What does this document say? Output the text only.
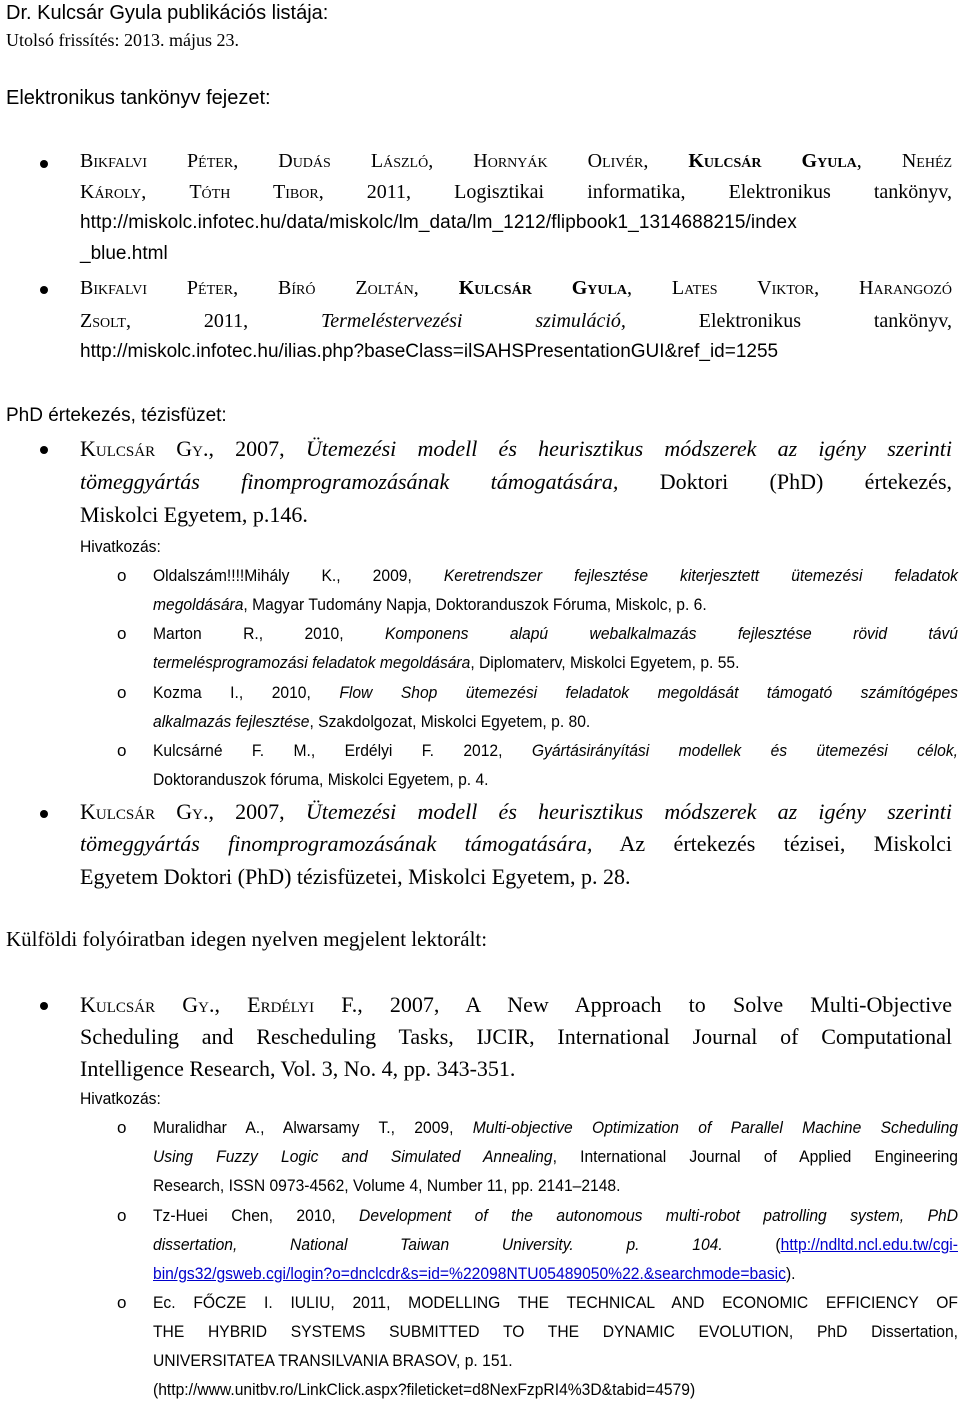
Dr. Kulcsár Gyula publikációs listája:
Utolsó frissítés: 2013. május 23.
Elektronikus tankönyv fejezet:
Bikfalvi Péter, Dudás László, Hornyák Olivér, Kulcsár Gyula, Nehéz
Károly, Tóth Tibor, 2011, Logisztikai informatika, Elektronikus tankönyv,
http://miskolc.infotec.hu/data/miskolc/lm_data/lm_1212/flipbook1_1314688215/index
_blue.html
Bikfalvi Péter, Bíró Zoltán, Kulcsár Gyula, Lates Viktor, Harangozó
Zsolt, 2011, Termeléstervezési szimuláció,	Elektronikus tankönyv,
http://miskolc.infotec.hu/ilias.php?baseClass=ilSAHSPresentationGUI&ref_id=1255
PhD értekezés, tézisfüzet:
Kulcsár Gy., 2007, Ütemezési modell és heurisztikus módszerek az igény szerinti
tömeggyártás finomprogramozásának támogatására, Doktori (PhD) értekezés,
Miskolci Egyetem, p.146.
Hivatkozás:
o Oldalszám!!!!Mihály K., 2009, Keretrendszer fejlesztése kiterjesztett ütemezési feladatok
megoldására, Magyar Tudomány Napja, Doktoranduszok Fóruma, Miskolc, p. 6.
o Marton R., 2010, Komponens alapú webalkalmazás fejlesztése rövid távú
termelésprogramozási feladatok megoldására, Diplomaterv, Miskolci Egyetem, p. 55.
o Kozma I., 2010, Flow Shop ütemezési feladatok megoldását támogató számítógépes
alkalmazás fejlesztése, Szakdolgozat, Miskolci Egyetem, p. 80.
o Kulcsárné F. M., Erdélyi F. 2012, Gyártásirányítási modellek és ütemezési célok,
Doktoranduszok fóruma, Miskolci Egyetem, p. 4.
Kulcsár Gy., 2007, Ütemezési modell és heurisztikus módszerek az igény szerinti
tömeggyártás finomprogramozásának támogatására, Az értekezés tézisei, Miskolci
Egyetem Doktori (PhD) tézisfüzetei, Miskolci Egyetem, p. 28.
Külföldi folyóiratban idegen nyelven megjelent lektorált:
Kulcsár Gy., Erdélyi F., 2007, A New Approach to Solve Multi-Objective
Scheduling and Rescheduling Tasks, IJCIR, International Journal of Computational
Intelligence Research, Vol. 3, No. 4, pp. 343-351.
Hivatkozás:
o Muralidhar A., Alwarsamy T., 2009, Multi-objective Optimization of Parallel Machine Scheduling
Using Fuzzy Logic and Simulated Annealing, International Journal of Applied Engineering
Research, ISSN 0973-4562, Volume 4, Number 11, pp. 2141–2148.
o Tz-Huei Chen, 2010, Development of the autonomous multi-robot patrolling system, PhD
dissertation, National Taiwan University. p. 104. (http://ndltd.ncl.edu.tw/cgi-
bin/gs32/gsweb.cgi/login?o=dnclcdr&s=id=%22098NTU05489050%22.&searchmode=basic).
o Ec. FŐCZE I. IULIU, 2011, MODELLING THE TECHNICAL AND ECONOMIC EFFICIENCY OF
THE HYBRID SYSTEMS SUBMITTED TO THE DYNAMIC EVOLUTION, PhD Dissertation,
UNIVERSITATEA TRANSILVANIA BRASOV, p. 151.
(http://www.unitbv.ro/LinkClick.aspx?fileticket=d8NexFzpRI4%3D&tabid=4579)
